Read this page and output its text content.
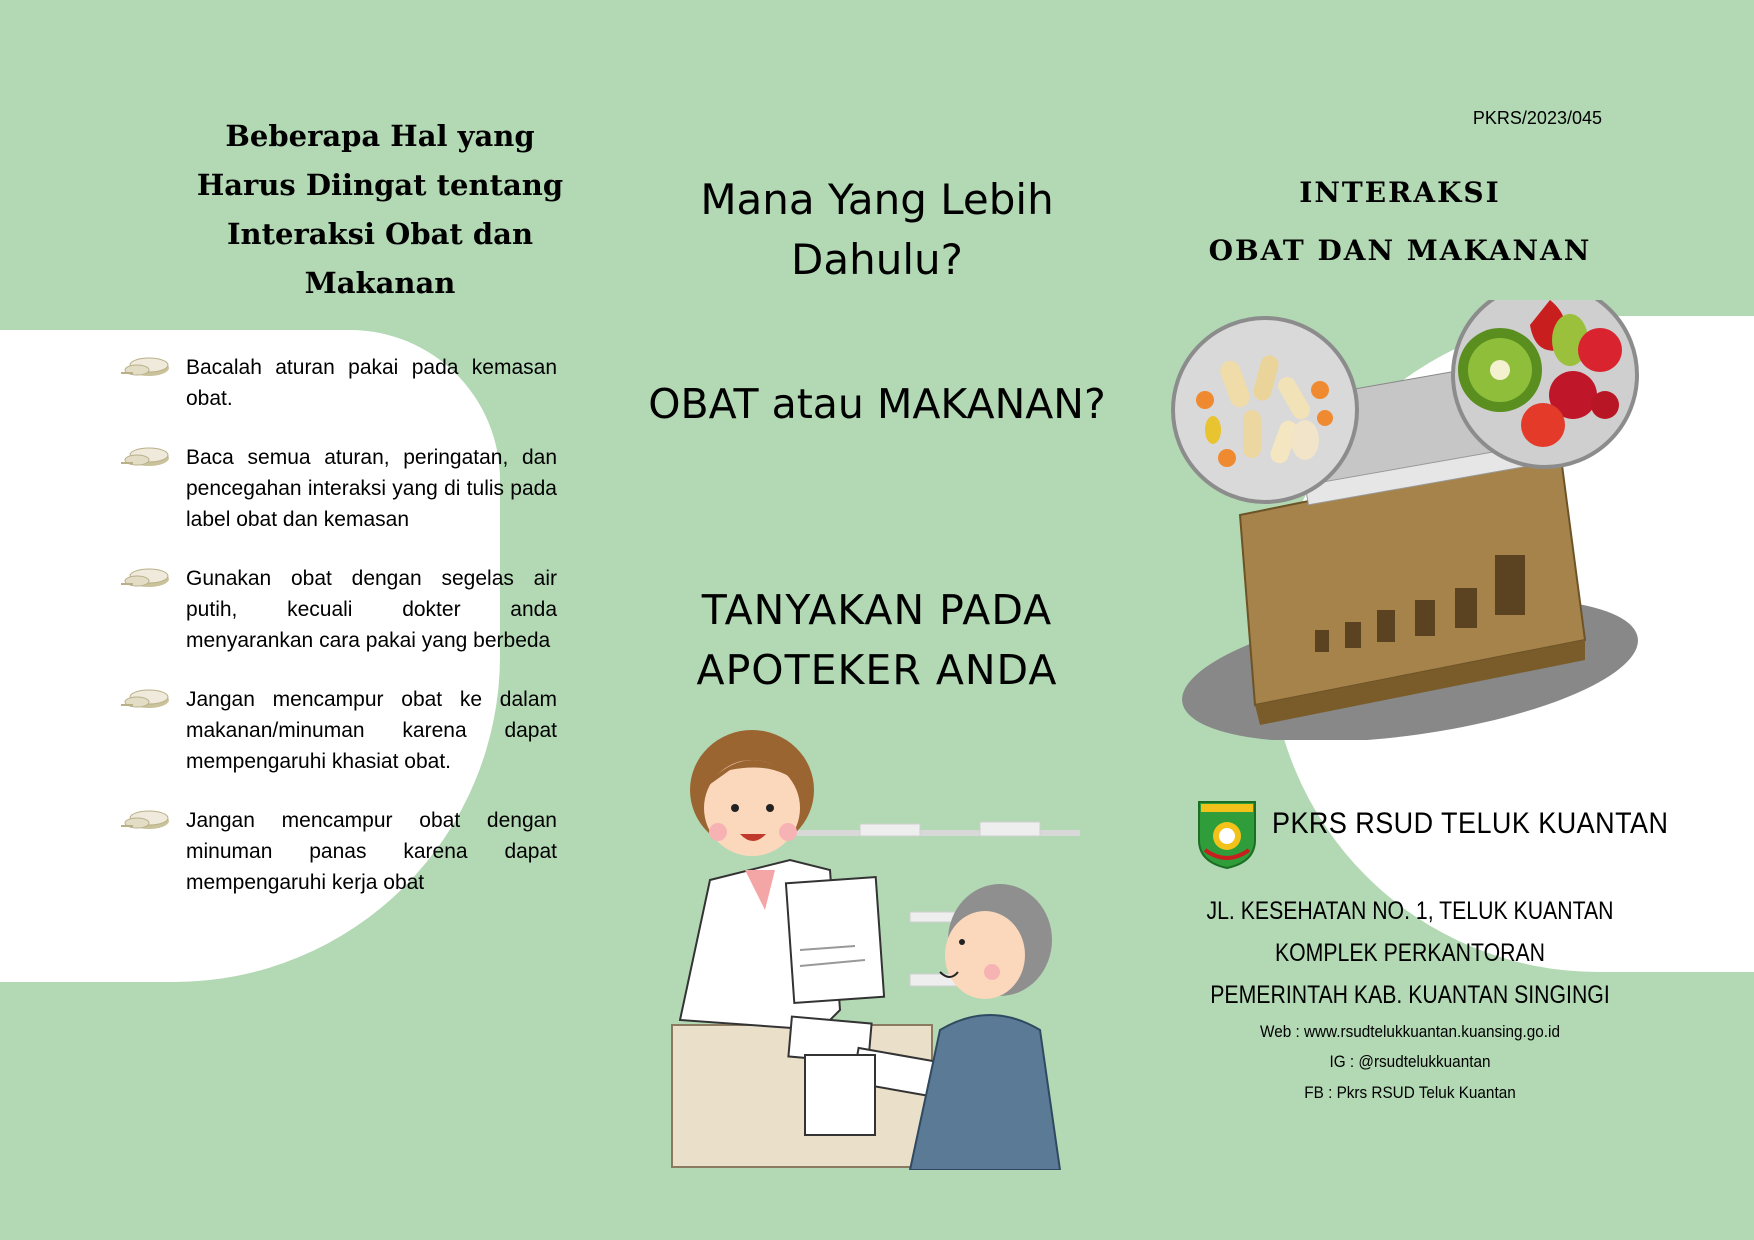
Beberapa Hal yang Harus Diingat tentang Interaksi Obat dan Makanan
Bacalah aturan pakai pada kemasan obat.
Baca semua aturan, peringatan, dan pencegahan interaksi yang di tulis pada label obat dan kemasan
Gunakan obat dengan segelas air putih, kecuali dokter anda menyarankan cara pakai yang berbeda
Jangan mencampur obat ke dalam makanan/minuman karena dapat mempengaruhi khasiat obat.
Jangan mencampur obat dengan minuman panas karena dapat mempengaruhi kerja obat
Mana Yang Lebih Dahulu?
OBAT atau MAKANAN?
TANYAKAN PADA APOTEKER ANDA
PKRS/2023/045
INTERAKSI
OBAT DAN MAKANAN
PKRS RSUD TELUK KUANTAN
JL. KESEHATAN NO. 1, TELUK KUANTAN
KOMPLEK PERKANTORAN
PEMERINTAH KAB. KUANTAN SINGINGI
Web : www.rsudtelukkuantan.kuansing.go.id
IG : @rsudtelukkuantan
FB : Pkrs RSUD Teluk Kuantan
